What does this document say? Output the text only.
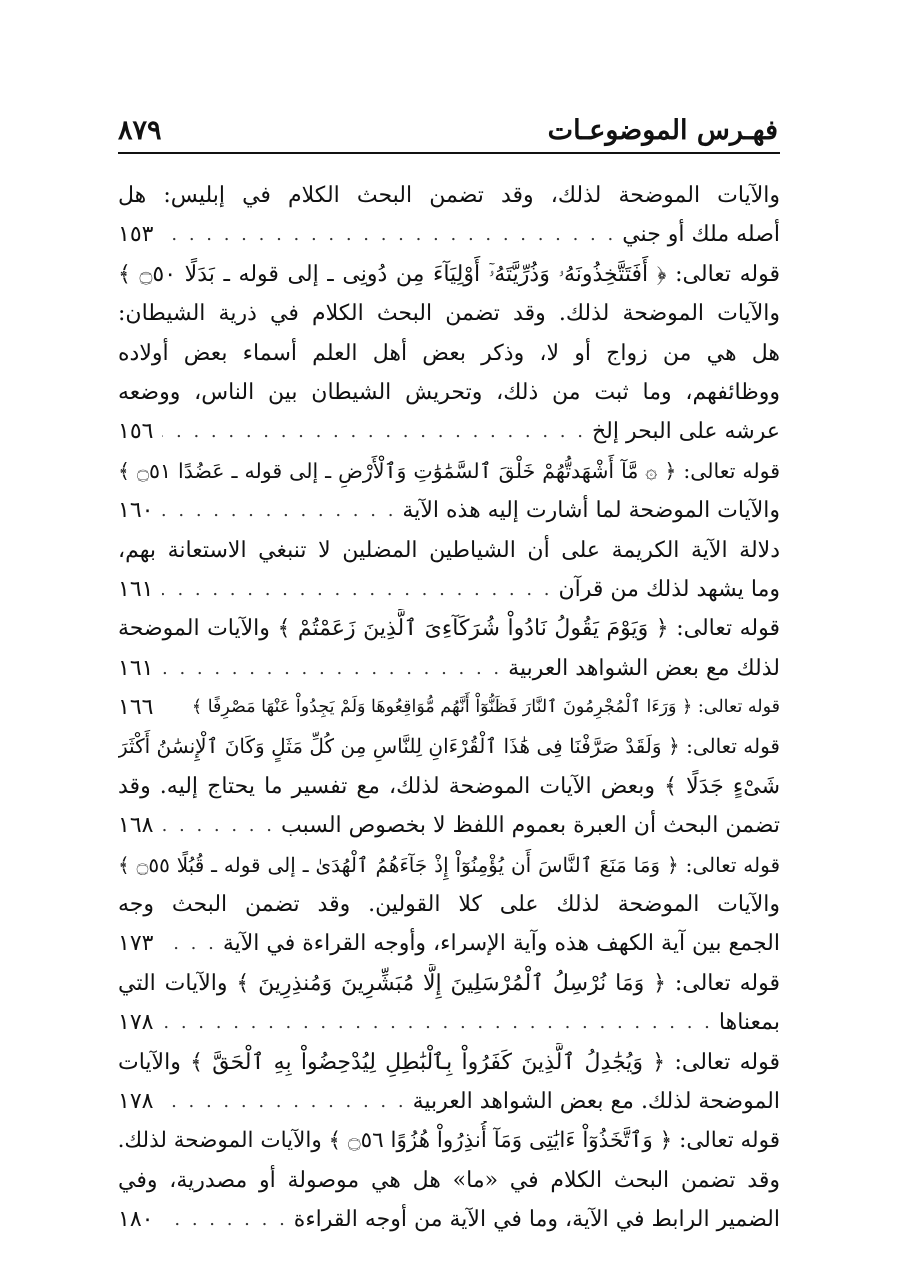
فهـرس الموضوعـات
٨٧٩
والآيات الموضحة لذلك، وقد تضمن البحث الكلام في إبليس: هل
أصله ملك أو جني
. . .
١٥٣
قوله تعالى: ﴿ أَفَتَتَّخِذُونَهُۥ وَذُرِّيَّتَهُۥٓ أَوْلِيَآءَ مِن دُونِى ـ إلى قوله ـ بَدَلًا ۝٥٠ ﴾
والآيات الموضحة لذلك. وقد تضمن البحث الكلام في ذرية الشيطان:
هل هي من زواج أو لا، وذكر بعض أهل العلم أسماء بعض أولاده
ووظائفهم، وما ثبت من ذلك، وتحريش الشيطان بين الناس، ووضعه
عرشه على البحر إلخ
. . .
١٥٦
قوله تعالى: ﴿ ۞ مَّآ أَشْهَدتُّهُمْ خَلْقَ ٱلسَّمَٰوَٰتِ وَٱلْأَرْضِ ـ إلى قوله ـ عَضُدًا ۝٥١ ﴾
والآيات الموضحة لما أشارت إليه هذه الآية
. . .
١٦٠
دلالة الآية الكريمة على أن الشياطين المضلين لا تنبغي الاستعانة بهم،
وما يشهد لذلك من قرآن
. . .
١٦١
قوله تعالى: ﴿ وَيَوْمَ يَقُولُ نَادُواْ شُرَكَآءِىَ ٱلَّذِينَ زَعَمْتُمْ ﴾ والآيات الموضحة
لذلك مع بعض الشواهد العربية
. . .
١٦١
قوله تعالى: ﴿ وَرَءَا ٱلْمُجْرِمُونَ ٱلنَّارَ فَظَنُّوٓاْ أَنَّهُم مُّوَاقِعُوهَا وَلَمْ يَجِدُواْ عَنْهَا مَصْرِفًا ﴾
١٦٦
قوله تعالى: ﴿ وَلَقَدْ صَرَّفْنَا فِى هَٰذَا ٱلْقُرْءَانِ لِلنَّاسِ مِن كُلِّ مَثَلٍ وَكَانَ ٱلْإِنسَٰنُ أَكْثَرَ
شَىْءٍ جَدَلًا ﴾ وبعض الآيات الموضحة لذلك، مع تفسير ما يحتاج إليه. وقد
تضمن البحث أن العبرة بعموم اللفظ لا بخصوص السبب
. . .
١٦٨
قوله تعالى: ﴿ وَمَا مَنَعَ ٱلنَّاسَ أَن يُؤْمِنُوٓاْ إِذْ جَآءَهُمُ ٱلْهُدَىٰ ـ إلى قوله ـ قُبُلًا ۝٥٥ ﴾
والآيات الموضحة لذلك على كلا القولين. وقد تضمن البحث وجه
الجمع بين آية الكهف هذه وآية الإسراء، وأوجه القراءة في الآية
. . .
١٧٣
قوله تعالى: ﴿ وَمَا نُرْسِلُ ٱلْمُرْسَلِينَ إِلَّا مُبَشِّرِينَ وَمُنذِرِينَ ﴾ والآيات التي
بمعناها
. . .
١٧٨
قوله تعالى: ﴿ وَيُجَٰدِلُ ٱلَّذِينَ كَفَرُواْ بِٱلْبَٰطِلِ لِيُدْحِضُواْ بِهِ ٱلْحَقَّ ﴾ والآيات
الموضحة لذلك. مع بعض الشواهد العربية
. . .
١٧٨
قوله تعالى: ﴿ وَٱتَّخَذُوٓاْ ءَايَٰتِى وَمَآ أُنذِرُواْ هُزُوًا ۝٥٦ ﴾ والآيات الموضحة لذلك.
وقد تضمن البحث الكلام في «ما» هل هي موصولة أو مصدرية، وفي
الضمير الرابط في الآية، وما في الآية من أوجه القراءة
. . .
١٨٠
